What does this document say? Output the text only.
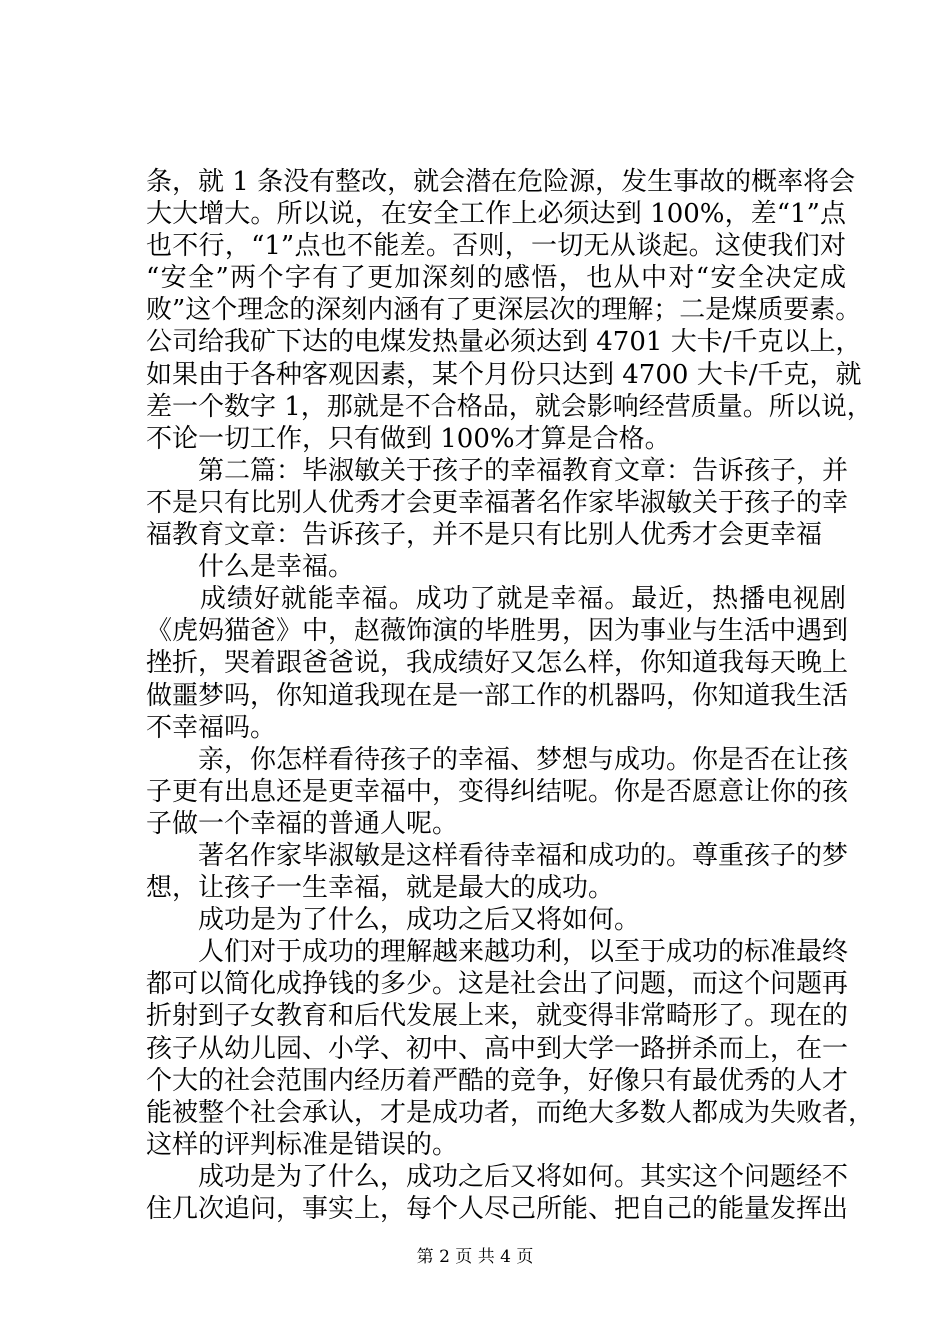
条，就 1 条没有整改，就会潜在危险源，发生事故的概率将会
大大增大。所以说，在安全工作上必须达到 100%，差“1”点
也不行，“1”点也不能差。否则，一切无从谈起。这使我们对
“安全”两个字有了更加深刻的感悟，也从中对“安全决定成
败”这个理念的深刻内涵有了更深层次的理解；二是煤质要素。
公司给我矿下达的电煤发热量必须达到 4701 大卡/千克以上，
如果由于各种客观因素，某个月份只达到 4700 大卡/千克，就
差一个数字 1，那就是不合格品，就会影响经营质量。所以说，
不论一切工作，只有做到 100%才算是合格。
　　第二篇：毕淑敏关于孩子的幸福教育文章：告诉孩子，并
不是只有比别人优秀才会更幸福著名作家毕淑敏关于孩子的幸
福教育文章：告诉孩子，并不是只有比别人优秀才会更幸福
　　什么是幸福。
　　成绩好就能幸福。成功了就是幸福。最近，热播电视剧
《虎妈猫爸》中，赵薇饰演的毕胜男，因为事业与生活中遇到
挫折，哭着跟爸爸说，我成绩好又怎么样，你知道我每天晚上
做噩梦吗，你知道我现在是一部工作的机器吗，你知道我生活
不幸福吗。
　　亲，你怎样看待孩子的幸福、梦想与成功。你是否在让孩
子更有出息还是更幸福中，变得纠结呢。你是否愿意让你的孩
子做一个幸福的普通人呢。
　　著名作家毕淑敏是这样看待幸福和成功的。尊重孩子的梦
想，让孩子一生幸福，就是最大的成功。
　　成功是为了什么，成功之后又将如何。
　　人们对于成功的理解越来越功利，以至于成功的标准最终
都可以简化成挣钱的多少。这是社会出了问题，而这个问题再
折射到子女教育和后代发展上来，就变得非常畸形了。现在的
孩子从幼儿园、小学、初中、高中到大学一路拼杀而上，在一
个大的社会范围内经历着严酷的竞争，好像只有最优秀的人才
能被整个社会承认，才是成功者，而绝大多数人都成为失败者，
这样的评判标准是错误的。
　　成功是为了什么，成功之后又将如何。其实这个问题经不
住几次追问，事实上，每个人尽己所能、把自己的能量发挥出
第 2 页 共 4 页
